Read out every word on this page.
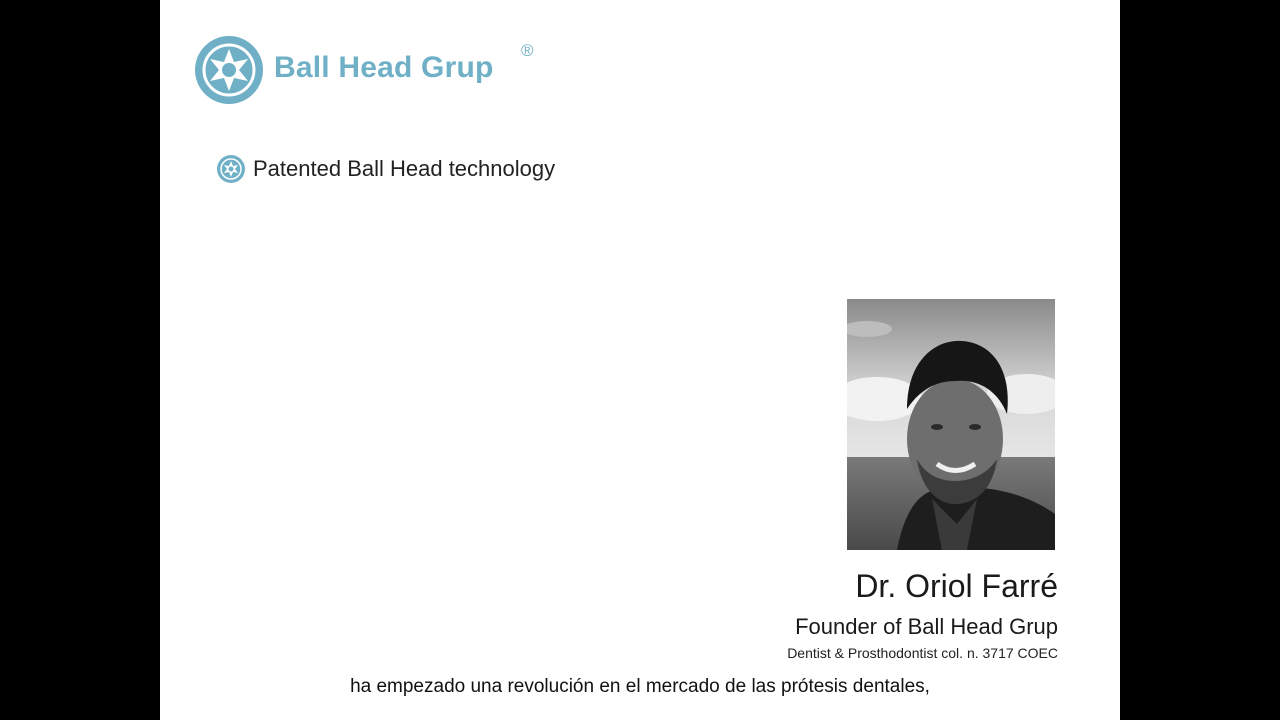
Ball Head Grup
®
Patented Ball Head technology
Dr. Oriol Farré
Founder of Ball Head Grup
Dentist & Prosthodontist col. n. 3717 COEC
ha empezado una revolución en el mercado de las prótesis dentales,
